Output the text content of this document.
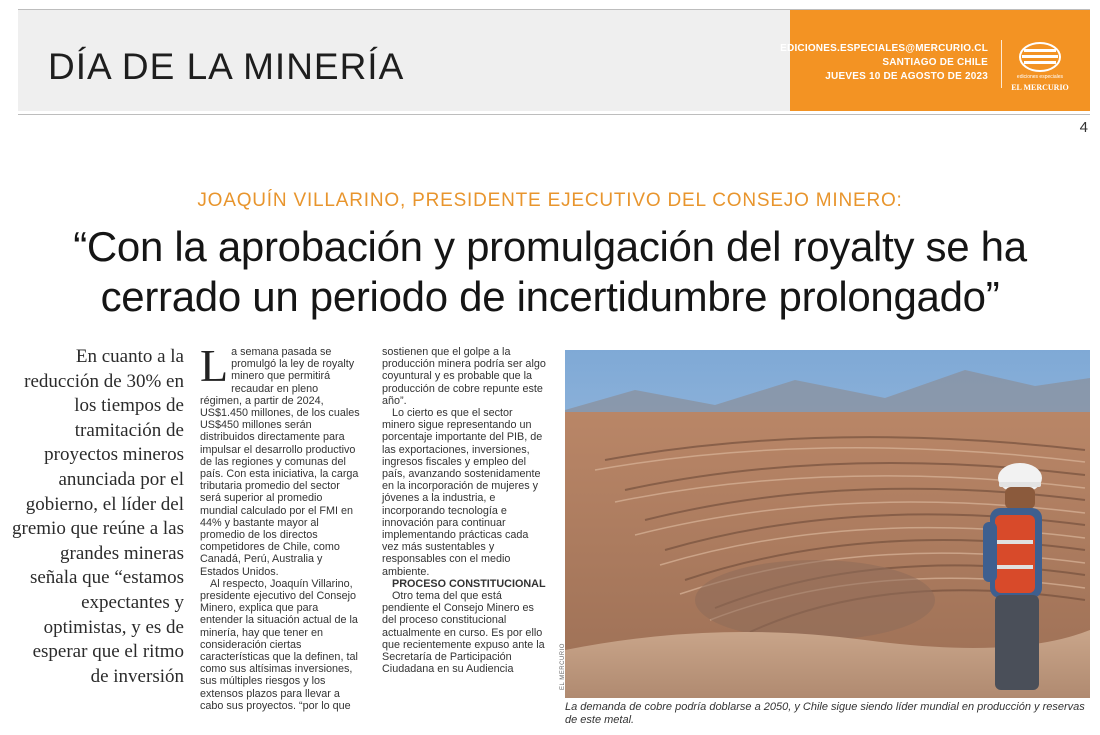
DÍA DE LA MINERÍA	EDICIONES.ESPECIALES@MERCURIO.CL
SANTIAGO DE CHILE
JUEVES 10 DE AGOSTO DE 2023	ediciones especiales
EL MERCURIO
4
JOAQUÍN VILLARINO, PRESIDENTE EJECUTIVO DEL CONSEJO MINERO:
“Con la aprobación y promulgación del royalty se ha cerrado un periodo de incertidumbre prolongado”
En cuanto a la reducción de 30% en los tiempos de tramitación de proyectos mineros anunciada por el gobierno, el líder del gremio que reúne a las grandes mineras señala que “estamos expectantes y optimistas, y es de esperar que el ritmo de inversión

La semana pasada se promulgó la ley de royalty minero que permitirá recaudar en pleno régimen, a partir de 2024, US$1.450 millones, de los cuales US$450 millones serán distribuidos directamente para impulsar el desarrollo productivo de las regiones y comunas del país. Con esta iniciativa, la carga tributaria promedio del sector será superior al promedio mundial calculado por el FMI en 44% y bastante mayor al promedio de los directos competidores de Chile, como Canadá, Perú, Australia y Estados Unidos.

Al respecto, Joaquín Villarino, presidente ejecutivo del Consejo Minero, explica que para entender la situación actual de la minería, hay que tener en consideración ciertas características que la definen, tal como sus altísimas inversiones, sus múltiples riesgos y los extensos plazos para llevar a cabo sus proyectos. “por lo que

sostienen que el golpe a la producción minera podría ser algo coyuntural y es probable que la producción de cobre repunte este año”.

Lo cierto es que el sector minero sigue representando un porcentaje importante del PIB, de las exportaciones, inversiones, ingresos fiscales y empleo del país, avanzando sostenidamente en la incorporación de mujeres y jóvenes a la industria, e incorporando tecnología e innovación para continuar implementando prácticas cada vez más sustentables y responsables con el medio ambiente.

PROCESO CONSTITUCIONAL

Otro tema del que está pendiente el Consejo Minero es del proceso constitucional actualmente en curso. Es por ello que recientemente expuso ante la Secretaría de Participación Ciudadana en su Audiencia	EL MERCURIO
La demanda de cobre podría doblarse a 2050, y Chile sigue siendo líder mundial en producción y reservas de este metal.
